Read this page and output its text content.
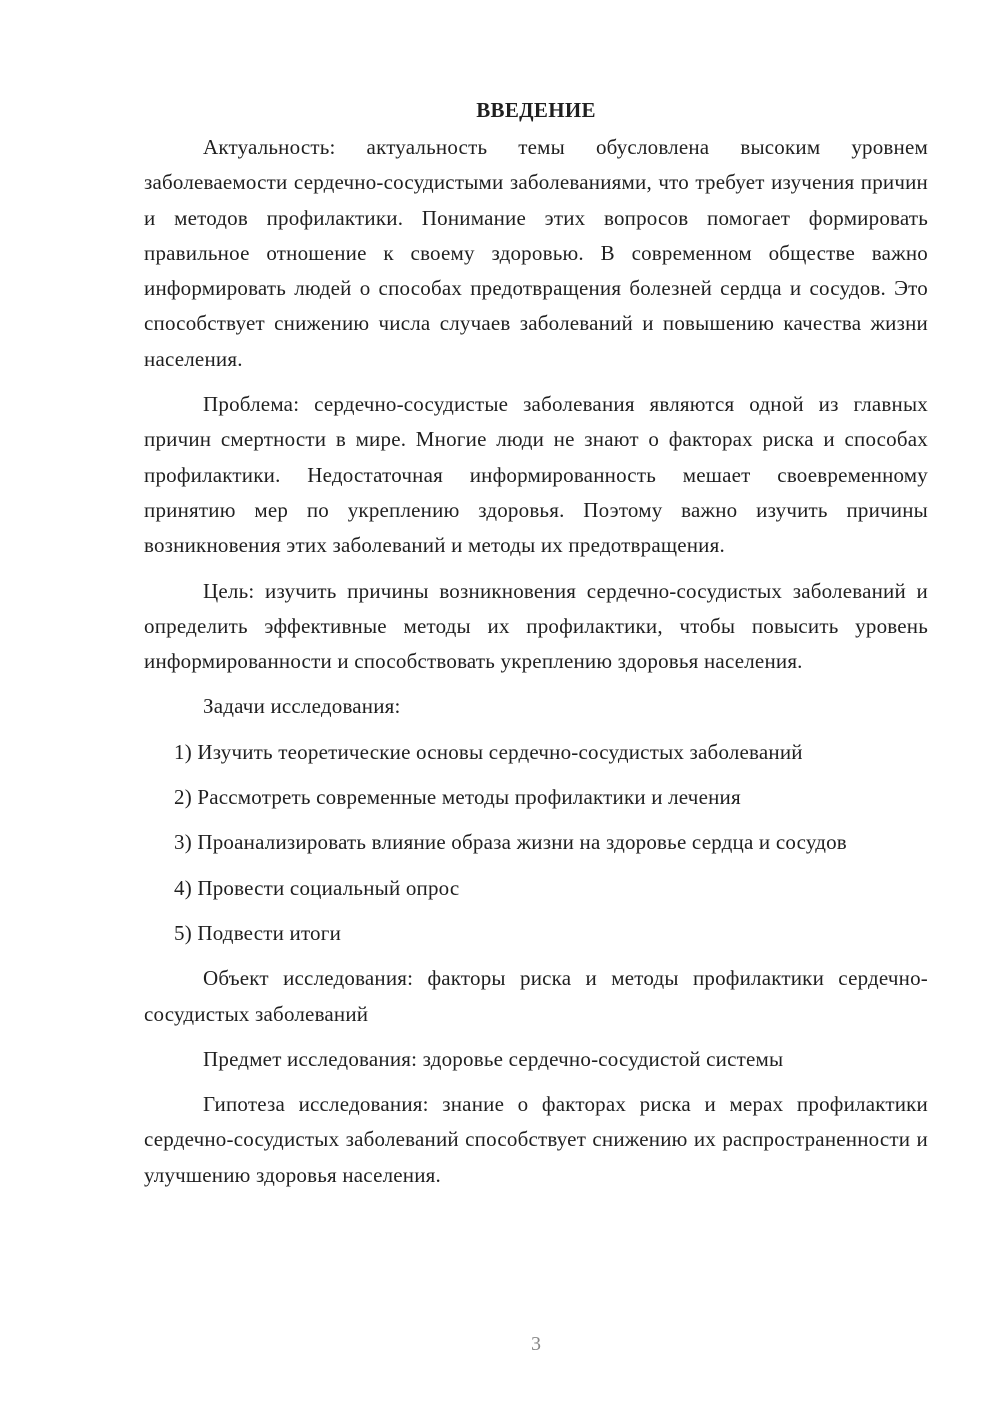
ВВЕДЕНИЕ

Актуальность: актуальность темы обусловлена высоким уровнем заболеваемости сердечно-сосудистыми заболеваниями, что требует изучения причин и методов профилактики. Понимание этих вопросов помогает формировать правильное отношение к своему здоровью. В современном обществе важно информировать людей о способах предотвращения болезней сердца и сосудов. Это способствует снижению числа случаев заболеваний и повышению качества жизни населения.

Проблема: сердечно-сосудистые заболевания являются одной из главных причин смертности в мире. Многие люди не знают о факторах риска и способах профилактики. Недостаточная информированность мешает своевременному принятию мер по укреплению здоровья. Поэтому важно изучить причины возникновения этих заболеваний и методы их предотвращения.

Цель: изучить причины возникновения сердечно-сосудистых заболеваний и определить эффективные методы их профилактики, чтобы повысить уровень информированности и способствовать укреплению здоровья населения.

Задачи исследования:

1) Изучить теоретические основы сердечно-сосудистых заболеваний

2) Рассмотреть современные методы профилактики и лечения

3) Проанализировать влияние образа жизни на здоровье сердца и сосудов

4) Провести социальный опрос

5) Подвести итоги

Объект исследования: факторы риска и методы профилактики сердечно-сосудистых заболеваний

Предмет исследования: здоровье сердечно-сосудистой системы

Гипотеза исследования: знание о факторах риска и мерах профилактики сердечно-сосудистых заболеваний способствует снижению их распространенности и улучшению здоровья населения.

3
